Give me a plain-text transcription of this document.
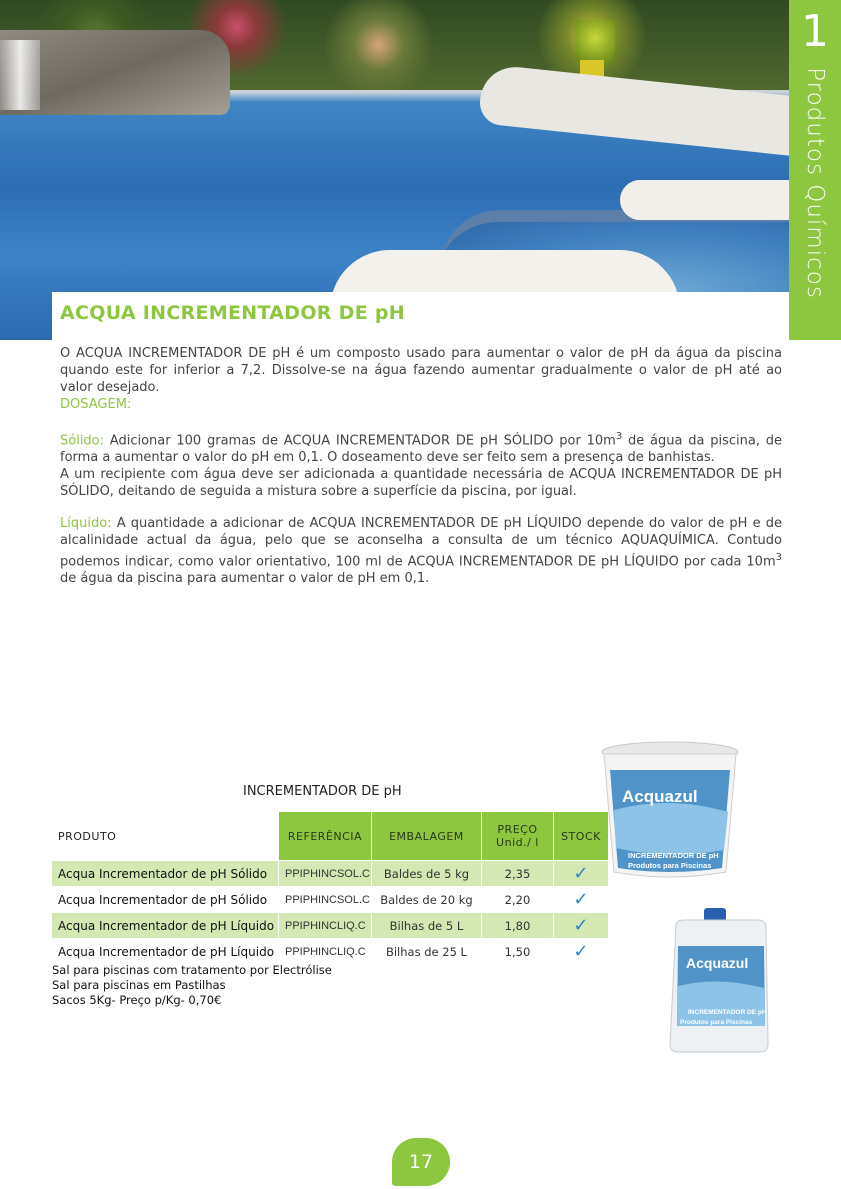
1
Produtos Químicos
ACQUA INCREMENTADOR DE pH
O ACQUA INCREMENTADOR DE pH é um composto usado para aumentar o valor de pH da água da piscina quando este for inferior a 7,2. Dissolve-se na água fazendo aumentar gradualmente o valor de pH até ao valor desejado.
DOSAGEM:
Sólido: Adicionar 100 gramas de ACQUA INCREMENTADOR DE pH SÓLIDO por $10m^3$ de água da piscina, de forma a aumentar o valor do pH em 0,1. O doseamento deve ser feito sem a presença de banhistas.
A um recipiente com água deve ser adicionada a quantidade necessária de ACQUA INCREMENTADOR DE pH SÓLIDO, deitando de seguida a mistura sobre a superfície da piscina, por igual.
Líquido: A quantidade a adicionar de ACQUA INCREMENTADOR DE pH LÍQUIDO depende do valor de pH e de alcalinidade actual da água, pelo que se aconselha a consulta de um técnico AQUAQUÍMICA. Contudo podemos indicar, como valor orientativo, 100 ml de ACQUA INCREMENTADOR DE pH LÍQUIDO por cada $10m^3$ de água da piscina para aumentar o valor de pH em 0,1.
INCREMENTADOR DE pH
PRODUTO	REFERÊNCIA	EMBALAGEM	PREÇO Unid./ l	STOCK
Acqua Incrementador de pH Sólido	PPIPHINCSOL.C	Baldes de 5 kg	2,35	✓
Acqua Incrementador de pH Sólido	PPIPHINCSOL.C	Baldes de 20 kg	2,20	✓
Acqua Incrementador de pH Líquido	PPIPHINCLIQ.C	Bilhas de 5 L	1,80	✓
Acqua Incrementador de pH Líquido	PPIPHINCLIQ.C	Bilhas de 25 L	1,50	✓
Sal para piscinas com tratamento por Electrólise
Sal para piscinas em Pastilhas
Sacos 5Kg- Preço p/Kg- 0,70€
Acquazul
INCREMENTADOR DE pH
Produtos para Piscinas
Acquazul
INCREMENTADOR DE pH
Produtos para Piscinas
17
